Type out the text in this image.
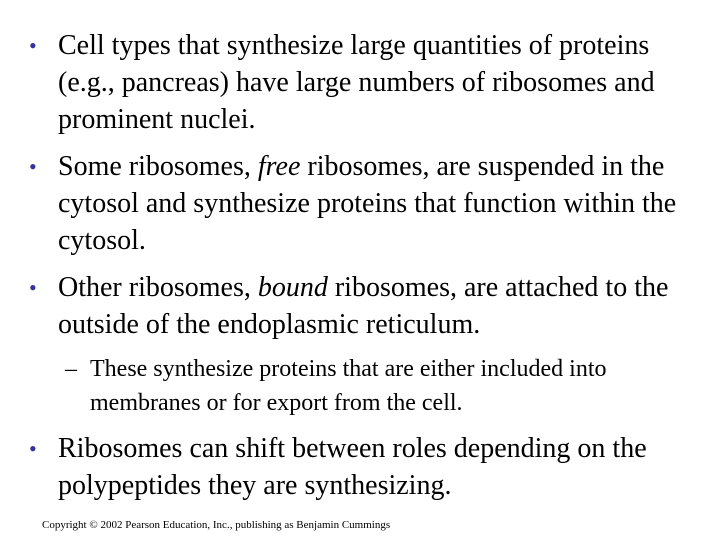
• Cell types that synthesize large quantities of proteins (e.g., pancreas) have large numbers of ribosomes and prominent nuclei.
• Some ribosomes, free ribosomes, are suspended in the cytosol and synthesize proteins that function within the cytosol.
• Other ribosomes, bound ribosomes, are attached to the outside of the endoplasmic reticulum.
– These synthesize proteins that are either included into membranes or for export from the cell.
• Ribosomes can shift between roles depending on the polypeptides they are synthesizing.
Copyright © 2002 Pearson Education, Inc., publishing as Benjamin Cummings
